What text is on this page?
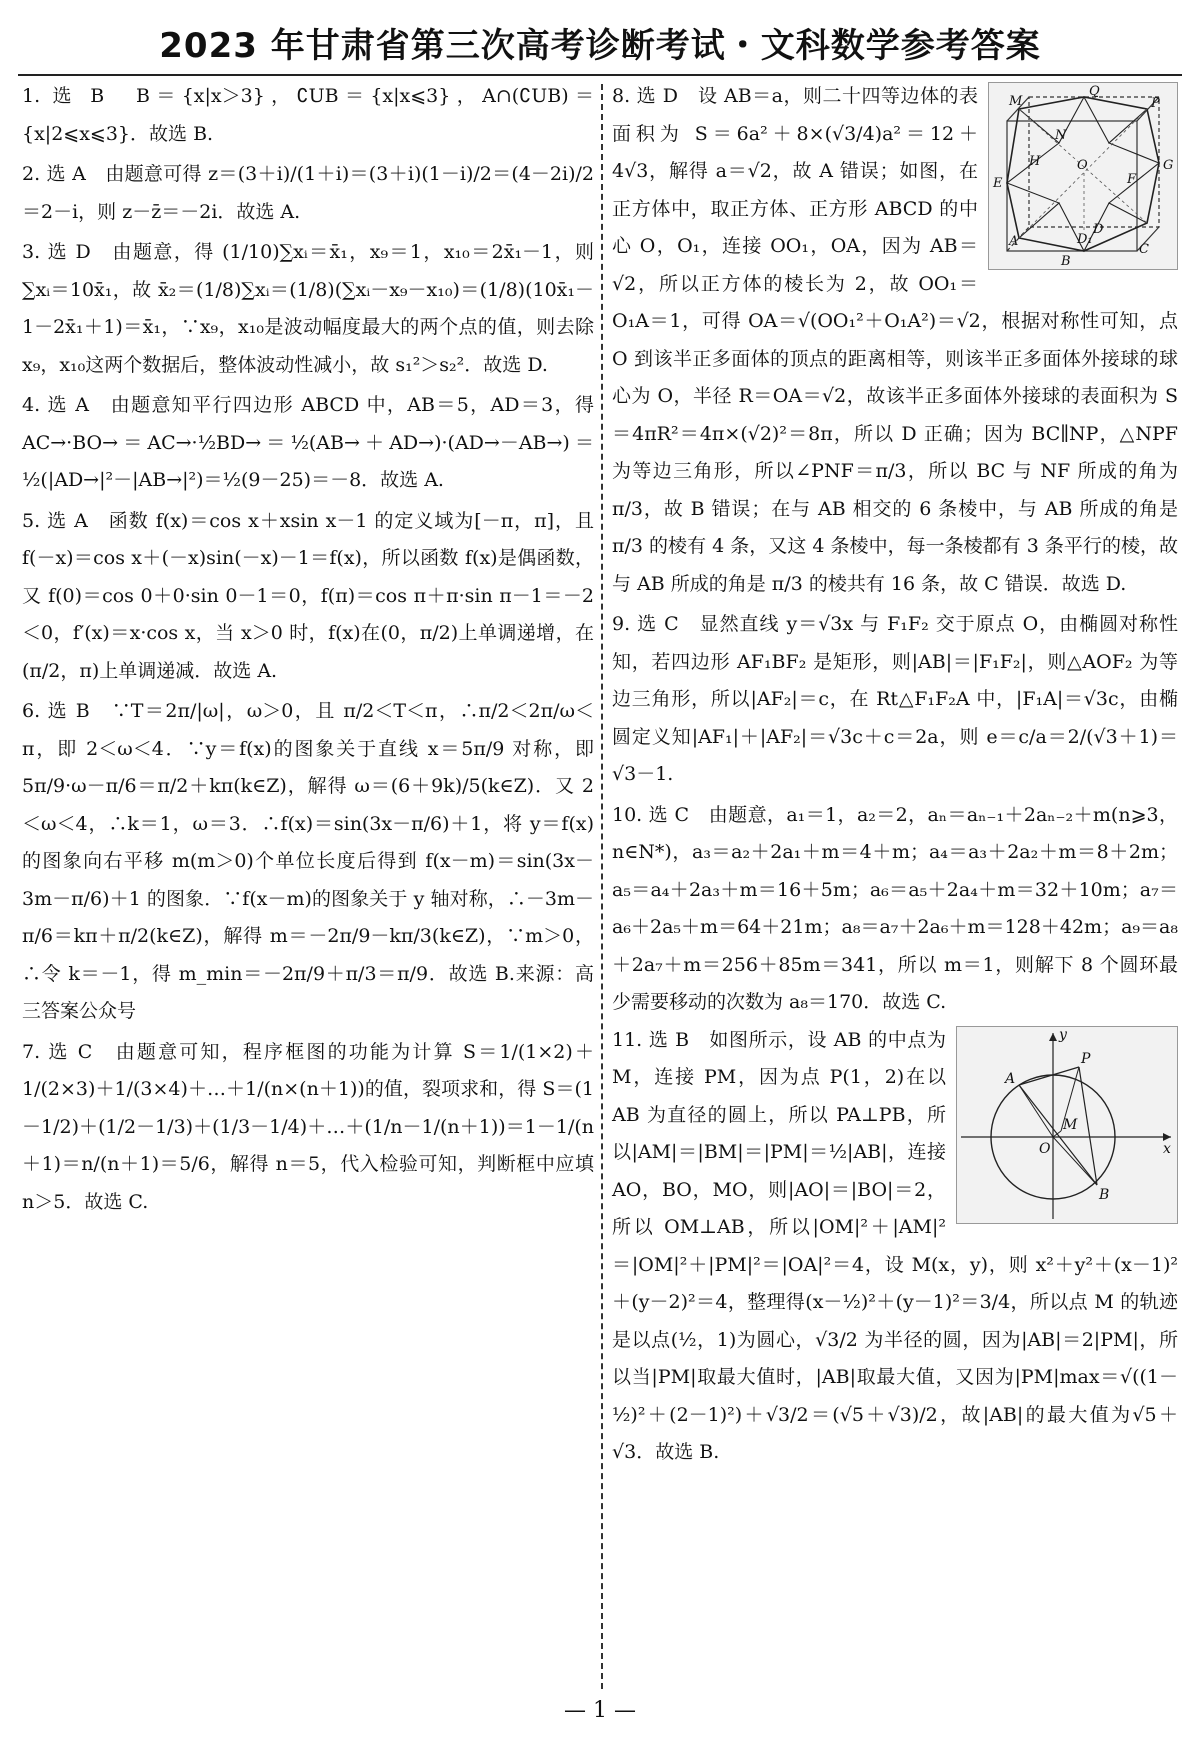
2023 年甘肃省第三次高考诊断考试・文科数学参考答案

1. 选 B　B＝{x|x＞3}，∁UB＝{x|x⩽3}，A∩(∁UB)＝{x|2⩽x⩽3}．故选 B.

2. 选 A　由题意可得 z＝(3＋i)/(1＋i)＝(3＋i)(1－i)/2＝(4－2i)/2＝2－i，则 z－z̄＝－2i．故选 A.

3. 选 D　由题意，得 (1/10)∑xᵢ＝x̄₁，x₉＝1，x₁₀＝2x̄₁－1，则 ∑xᵢ＝10x̄₁，故 x̄₂＝(1/8)∑xᵢ＝(1/8)(∑xᵢ－x₉－x₁₀)＝(1/8)(10x̄₁－1－2x̄₁＋1)＝x̄₁，∵x₉，x₁₀是波动幅度最大的两个点的值，则去除 x₉，x₁₀这两个数据后，整体波动性减小，故 s₁²＞s₂²．故选 D.

4. 选 A　由题意知平行四边形 ABCD 中，AB＝5，AD＝3，得 AC→·BO→＝AC→·½BD→＝½(AB→＋AD→)·(AD→－AB→)＝½(|AD→|²－|AB→|²)＝½(9－25)＝－8．故选 A.

5. 选 A　函数 f(x)＝cos x＋xsin x－1 的定义域为[－π，π]，且 f(－x)＝cos x＋(－x)sin(－x)－1＝f(x)，所以函数 f(x)是偶函数，又 f(0)＝cos 0＋0·sin 0－1＝0，f(π)＝cos π＋π·sin π－1＝－2＜0，f′(x)＝x·cos x，当 x＞0 时，f(x)在(0，π/2)上单调递增，在(π/2，π)上单调递减．故选 A.

6. 选 B　∵T＝2π/|ω|，ω＞0，且 π/2＜T＜π，∴π/2＜2π/ω＜π，即 2＜ω＜4．∵y＝f(x)的图象关于直线 x＝5π/9 对称，即 5π/9·ω－π/6＝π/2＋kπ(k∈Z)，解得 ω＝(6＋9k)/5(k∈Z)．又 2＜ω＜4，∴k＝1，ω＝3．∴f(x)＝sin(3x－π/6)＋1，将 y＝f(x)的图象向右平移 m(m＞0)个单位长度后得到 f(x－m)＝sin(3x－3m－π/6)＋1 的图象．∵f(x－m)的图象关于 y 轴对称，∴－3m－π/6＝kπ＋π/2(k∈Z)，解得 m＝－2π/9－kπ/3(k∈Z)，∵m＞0，∴令 k＝－1，得 m_min＝－2π/9＋π/3＝π/9．故选 B.来源：高三答案公众号

7. 选 C　由题意可知，程序框图的功能为计算 S＝1/(1×2)＋1/(2×3)＋1/(3×4)＋…＋1/(n×(n＋1))的值，裂项求和，得 S＝(1－1/2)＋(1/2－1/3)＋(1/3－1/4)＋…＋(1/n－1/(n＋1))＝1－1/(n＋1)＝n/(n＋1)＝5/6，解得 n＝5，代入检验可知，判断框中应填 n＞5．故选 C.

M
Q
P
N
H	O
E	F
G
A
D
D₁
B
C

8. 选 D　设 AB＝a，则二十四等边体的表面积为 S＝6a²＋8×(√3/4)a²＝12＋4√3，解得 a＝√2，故 A 错误；如图，在正方体中，取正方体、正方形 ABCD 的中心 O，O₁，连接 OO₁，OA，因为 AB＝√2，所以正方体的棱长为 2，故 OO₁＝O₁A＝1，可得 OA＝√(OO₁²＋O₁A²)＝√2，根据对称性可知，点 O 到该半正多面体的顶点的距离相等，则该半正多面体外接球的球心为 O，半径 R＝OA＝√2，故该半正多面体外接球的表面积为 S＝4πR²＝4π×(√2)²＝8π，所以 D 正确；因为 BC∥NP，△NPF 为等边三角形，所以∠PNF＝π/3，所以 BC 与 NF 所成的角为 π/3，故 B 错误；在与 AB 相交的 6 条棱中，与 AB 所成的角是 π/3 的棱有 4 条，又这 4 条棱中，每一条棱都有 3 条平行的棱，故与 AB 所成的角是 π/3 的棱共有 16 条，故 C 错误．故选 D.

9. 选 C　显然直线 y＝√3x 与 F₁F₂ 交于原点 O，由椭圆对称性知，若四边形 AF₁BF₂ 是矩形，则|AB|＝|F₁F₂|，则△AOF₂ 为等边三角形，所以|AF₂|＝c，在 Rt△F₁F₂A 中，|F₁A|＝√3c，由椭圆定义知|AF₁|＋|AF₂|＝√3c＋c＝2a，则 e＝c/a＝2/(√3＋1)＝√3－1.

10. 选 C　由题意，a₁＝1，a₂＝2，aₙ＝aₙ₋₁＋2aₙ₋₂＋m(n⩾3，n∈N*)，a₃＝a₂＋2a₁＋m＝4＋m；a₄＝a₃＋2a₂＋m＝8＋2m；a₅＝a₄＋2a₃＋m＝16＋5m；a₆＝a₅＋2a₄＋m＝32＋10m；a₇＝a₆＋2a₅＋m＝64＋21m；a₈＝a₇＋2a₆＋m＝128＋42m；a₉＝a₈＋2a₇＋m＝256＋85m＝341，所以 m＝1，则解下 8 个圆环最少需要移动的次数为 a₈＝170．故选 C.

y
x
O
A
P
M
B

11. 选 B　如图所示，设 AB 的中点为 M，连接 PM，因为点 P(1，2)在以 AB 为直径的圆上，所以 PA⊥PB，所以|AM|＝|BM|＝|PM|＝½|AB|，连接 AO，BO，MO，则|AO|＝|BO|＝2，所以 OM⊥AB，所以|OM|²＋|AM|²＝|OM|²＋|PM|²＝|OA|²＝4，设 M(x，y)，则 x²＋y²＋(x－1)²＋(y－2)²＝4，整理得(x－½)²＋(y－1)²＝3/4，所以点 M 的轨迹是以点(½，1)为圆心，√3/2 为半径的圆，因为|AB|＝2|PM|，所以当|PM|取最大值时，|AB|取最大值，又因为|PM|max＝√((1－½)²＋(2－1)²)＋√3/2＝(√5＋√3)/2，故|AB|的最大值为√5＋√3．故选 B.

— 1 —
